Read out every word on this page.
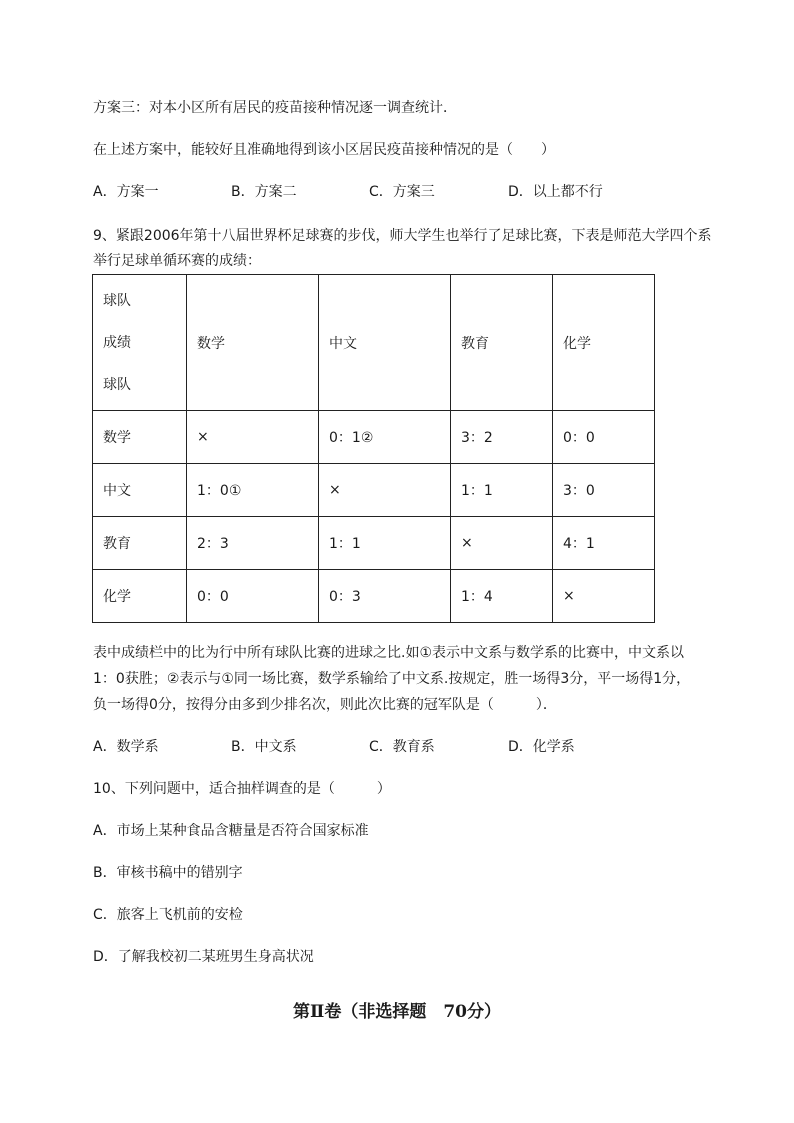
方案三：对本小区所有居民的疫苗接种情况逐一调查统计．
在上述方案中，能较好且准确地得到该小区居民疫苗接种情况的是（　　）
A．方案一	B．方案二	C．方案三	D．以上都不行
9、紧跟2006年第十八届世界杯足球赛的步伐，师大学生也举行了足球比赛，下表是师范大学四个系
举行足球单循环赛的成绩：
球队
成绩
球队	数学	中文	教育	化学
数学	×	0：1②	3：2	0：0
中文	1：0①	×	1：1	3：0
教育	2：3	1：1	×	4：1
化学	0：0	0：3	1：4	×
表中成绩栏中的比为行中所有球队比赛的进球之比.如①表示中文系与数学系的比赛中，中文系以
1：0获胜；②表示与①同一场比赛，数学系输给了中文系.按规定，胜一场得3分，平一场得1分，
负一场得0分，按得分由多到少排名次，则此次比赛的冠军队是（　　　）．
A．数学系	B．中文系	C．教育系	D．化学系
10、下列问题中，适合抽样调查的是（　　　）
A．市场上某种食品含糖量是否符合国家标准
B．审核书稿中的错别字
C．旅客上飞机前的安检
D．了解我校初二某班男生身高状况
第Ⅱ卷（非选择题　70分）
